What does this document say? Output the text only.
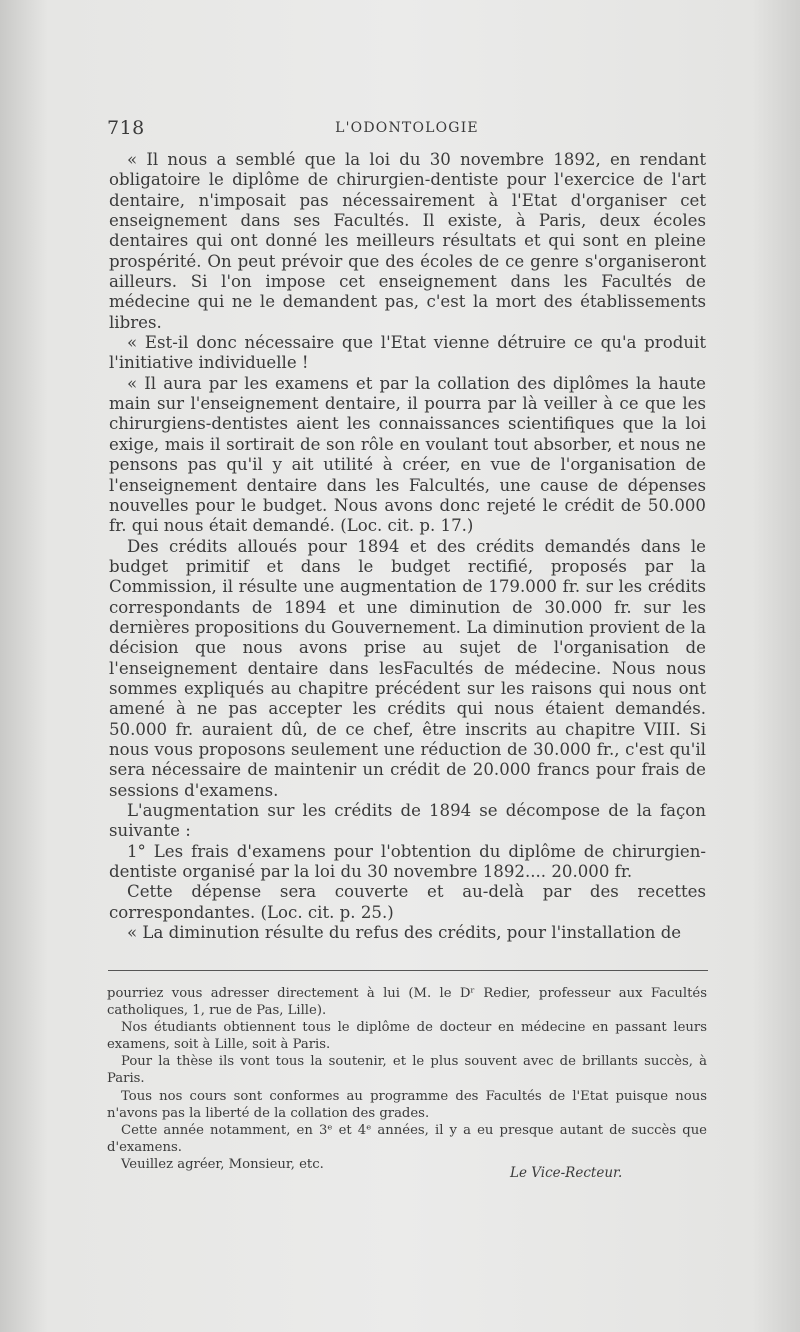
718	L'ODONTOLOGIE

« Il nous a semblé que la loi du 30 novembre 1892, en rendant obligatoire le diplôme de chirurgien-dentiste pour l'exercice de l'art dentaire, n'imposait pas nécessairement à l'Etat d'organiser cet enseignement dans ses Facultés. Il existe, à Paris, deux écoles dentaires qui ont donné les meilleurs résultats et qui sont en pleine prospérité. On peut prévoir que des écoles de ce genre s'organiseront ailleurs. Si l'on impose cet enseignement dans les Facultés de médecine qui ne le demandent pas, c'est la mort des établissements libres.

« Est-il donc nécessaire que l'Etat vienne détruire ce qu'a produit l'initiative individuelle !

« Il aura par les examens et par la collation des diplômes la haute main sur l'enseignement dentaire, il pourra par là veiller à ce que les chirurgiens-dentistes aient les connaissances scientifiques que la loi exige, mais il sortirait de son rôle en voulant tout absorber, et nous ne pensons pas qu'il y ait utilité à créer, en vue de l'organisation de l'enseignement dentaire dans les Falcultés, une cause de dépenses nouvelles pour le budget. Nous avons donc rejeté le crédit de 50.000 fr. qui nous était demandé. (Loc. cit. p. 17.)

Des crédits alloués pour 1894 et des crédits demandés dans le budget primitif et dans le budget rectifié, proposés par la Commission, il résulte une augmentation de 179.000 fr. sur les crédits correspondants de 1894 et une diminution de 30.000 fr. sur les dernières propositions du Gouvernement. La diminution provient de la décision que nous avons prise au sujet de l'organisation de l'enseignement dentaire dans lesFacultés de médecine. Nous nous sommes expliqués au chapitre précédent sur les raisons qui nous ont amené à ne pas accepter les crédits qui nous étaient demandés. 50.000 fr. auraient dû, de ce chef, être inscrits au chapitre VIII. Si nous vous proposons seulement une réduction de 30.000 fr., c'est qu'il sera nécessaire de maintenir un crédit de 20.000 francs pour frais de sessions d'examens.

L'augmentation sur les crédits de 1894 se décompose de la façon suivante :

1° Les frais d'examens pour l'obtention du diplôme de chirurgien-dentiste organisé par la loi du 30 novembre 1892.... 20.000 fr.

Cette dépense sera couverte et au-delà par des recettes correspondantes. (Loc. cit. p. 25.)

« La diminution résulte du refus des crédits, pour l'installation de

pourriez vous adresser directement à lui (M. le Dʳ Redier, professeur aux Facultés catholiques, 1, rue de Pas, Lille).

Nos étudiants obtiennent tous le diplôme de docteur en médecine en passant leurs examens, soit à Lille, soit à Paris.

Pour la thèse ils vont tous la soutenir, et le plus souvent avec de brillants succès, à Paris.

Tous nos cours sont conformes au programme des Facultés de l'Etat puisque nous n'avons pas la liberté de la collation des grades.

Cette année notamment, en 3ᵉ et 4ᵉ années, il y a eu presque autant de succès que d'examens.

Veuillez agréer, Monsieur, etc.

Le Vice-Recteur.
